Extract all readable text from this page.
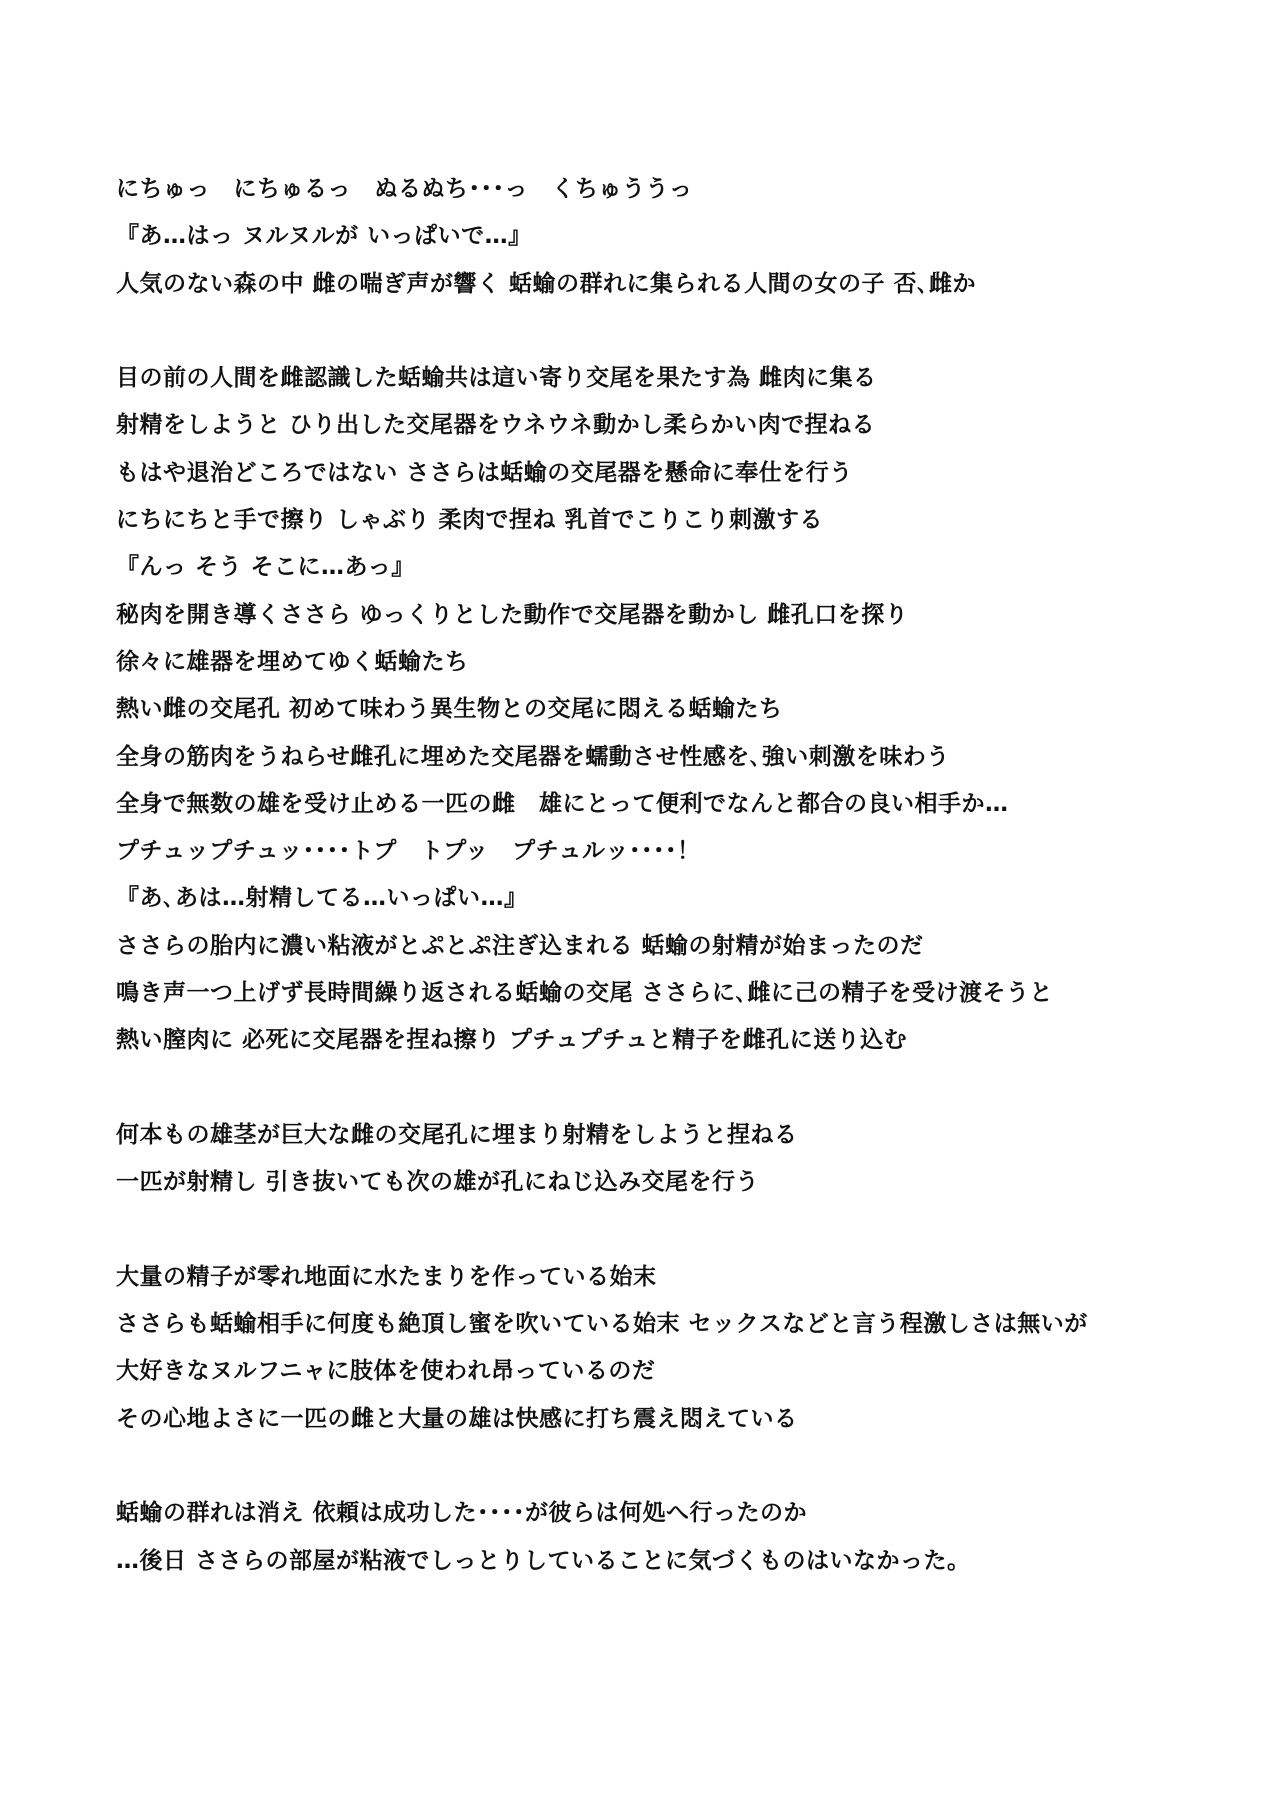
にちゅっ　にちゅるっ　ぬるぬち･･･っ　くちゅううっ
『あ…はっ ヌルヌルが いっぱいで…』
人気のない森の中 雌の喘ぎ声が響く 蛞蝓の群れに集られる人間の女の子 否､雌か
目の前の人間を雌認識した蛞蝓共は這い寄り交尾を果たす為 雌肉に集る
射精をしようと ひり出した交尾器をウネウネ動かし柔らかい肉で捏ねる
もはや退治どころではない ささらは蛞蝓の交尾器を懸命に奉仕を行う
にちにちと手で擦り しゃぶり 柔肉で捏ね 乳首でこりこり刺激する
『んっ そう そこに…あっ』
秘肉を開き導くささら ゆっくりとした動作で交尾器を動かし 雌孔口を探り
徐々に雄器を埋めてゆく蛞蝓たち
熱い雌の交尾孔 初めて味わう異生物との交尾に悶える蛞蝓たち
全身の筋肉をうねらせ雌孔に埋めた交尾器を蠕動させ性感を､強い刺激を味わう
全身で無数の雄を受け止める一匹の雌　雄にとって便利でなんと都合の良い相手か…
プチュップチュッ････トプ　トプッ　プチュルッ････！
『あ､あは…射精してる…いっぱい…』
ささらの胎内に濃い粘液がとぷとぷ注ぎ込まれる 蛞蝓の射精が始まったのだ
鳴き声一つ上げず長時間繰り返される蛞蝓の交尾 ささらに､雌に己の精子を受け渡そうと
熱い膣肉に 必死に交尾器を捏ね擦り プチュプチュと精子を雌孔に送り込む
何本もの雄茎が巨大な雌の交尾孔に埋まり射精をしようと捏ねる
一匹が射精し 引き抜いても次の雄が孔にねじ込み交尾を行う
大量の精子が零れ地面に水たまりを作っている始末
ささらも蛞蝓相手に何度も絶頂し蜜を吹いている始末 セックスなどと言う程激しさは無いが
大好きなヌルフニャに肢体を使われ昂っているのだ
その心地よさに一匹の雌と大量の雄は快感に打ち震え悶えている
蛞蝓の群れは消え 依頼は成功した････が彼らは何処へ行ったのか
…後日 ささらの部屋が粘液でしっとりしていることに気づくものはいなかった。
